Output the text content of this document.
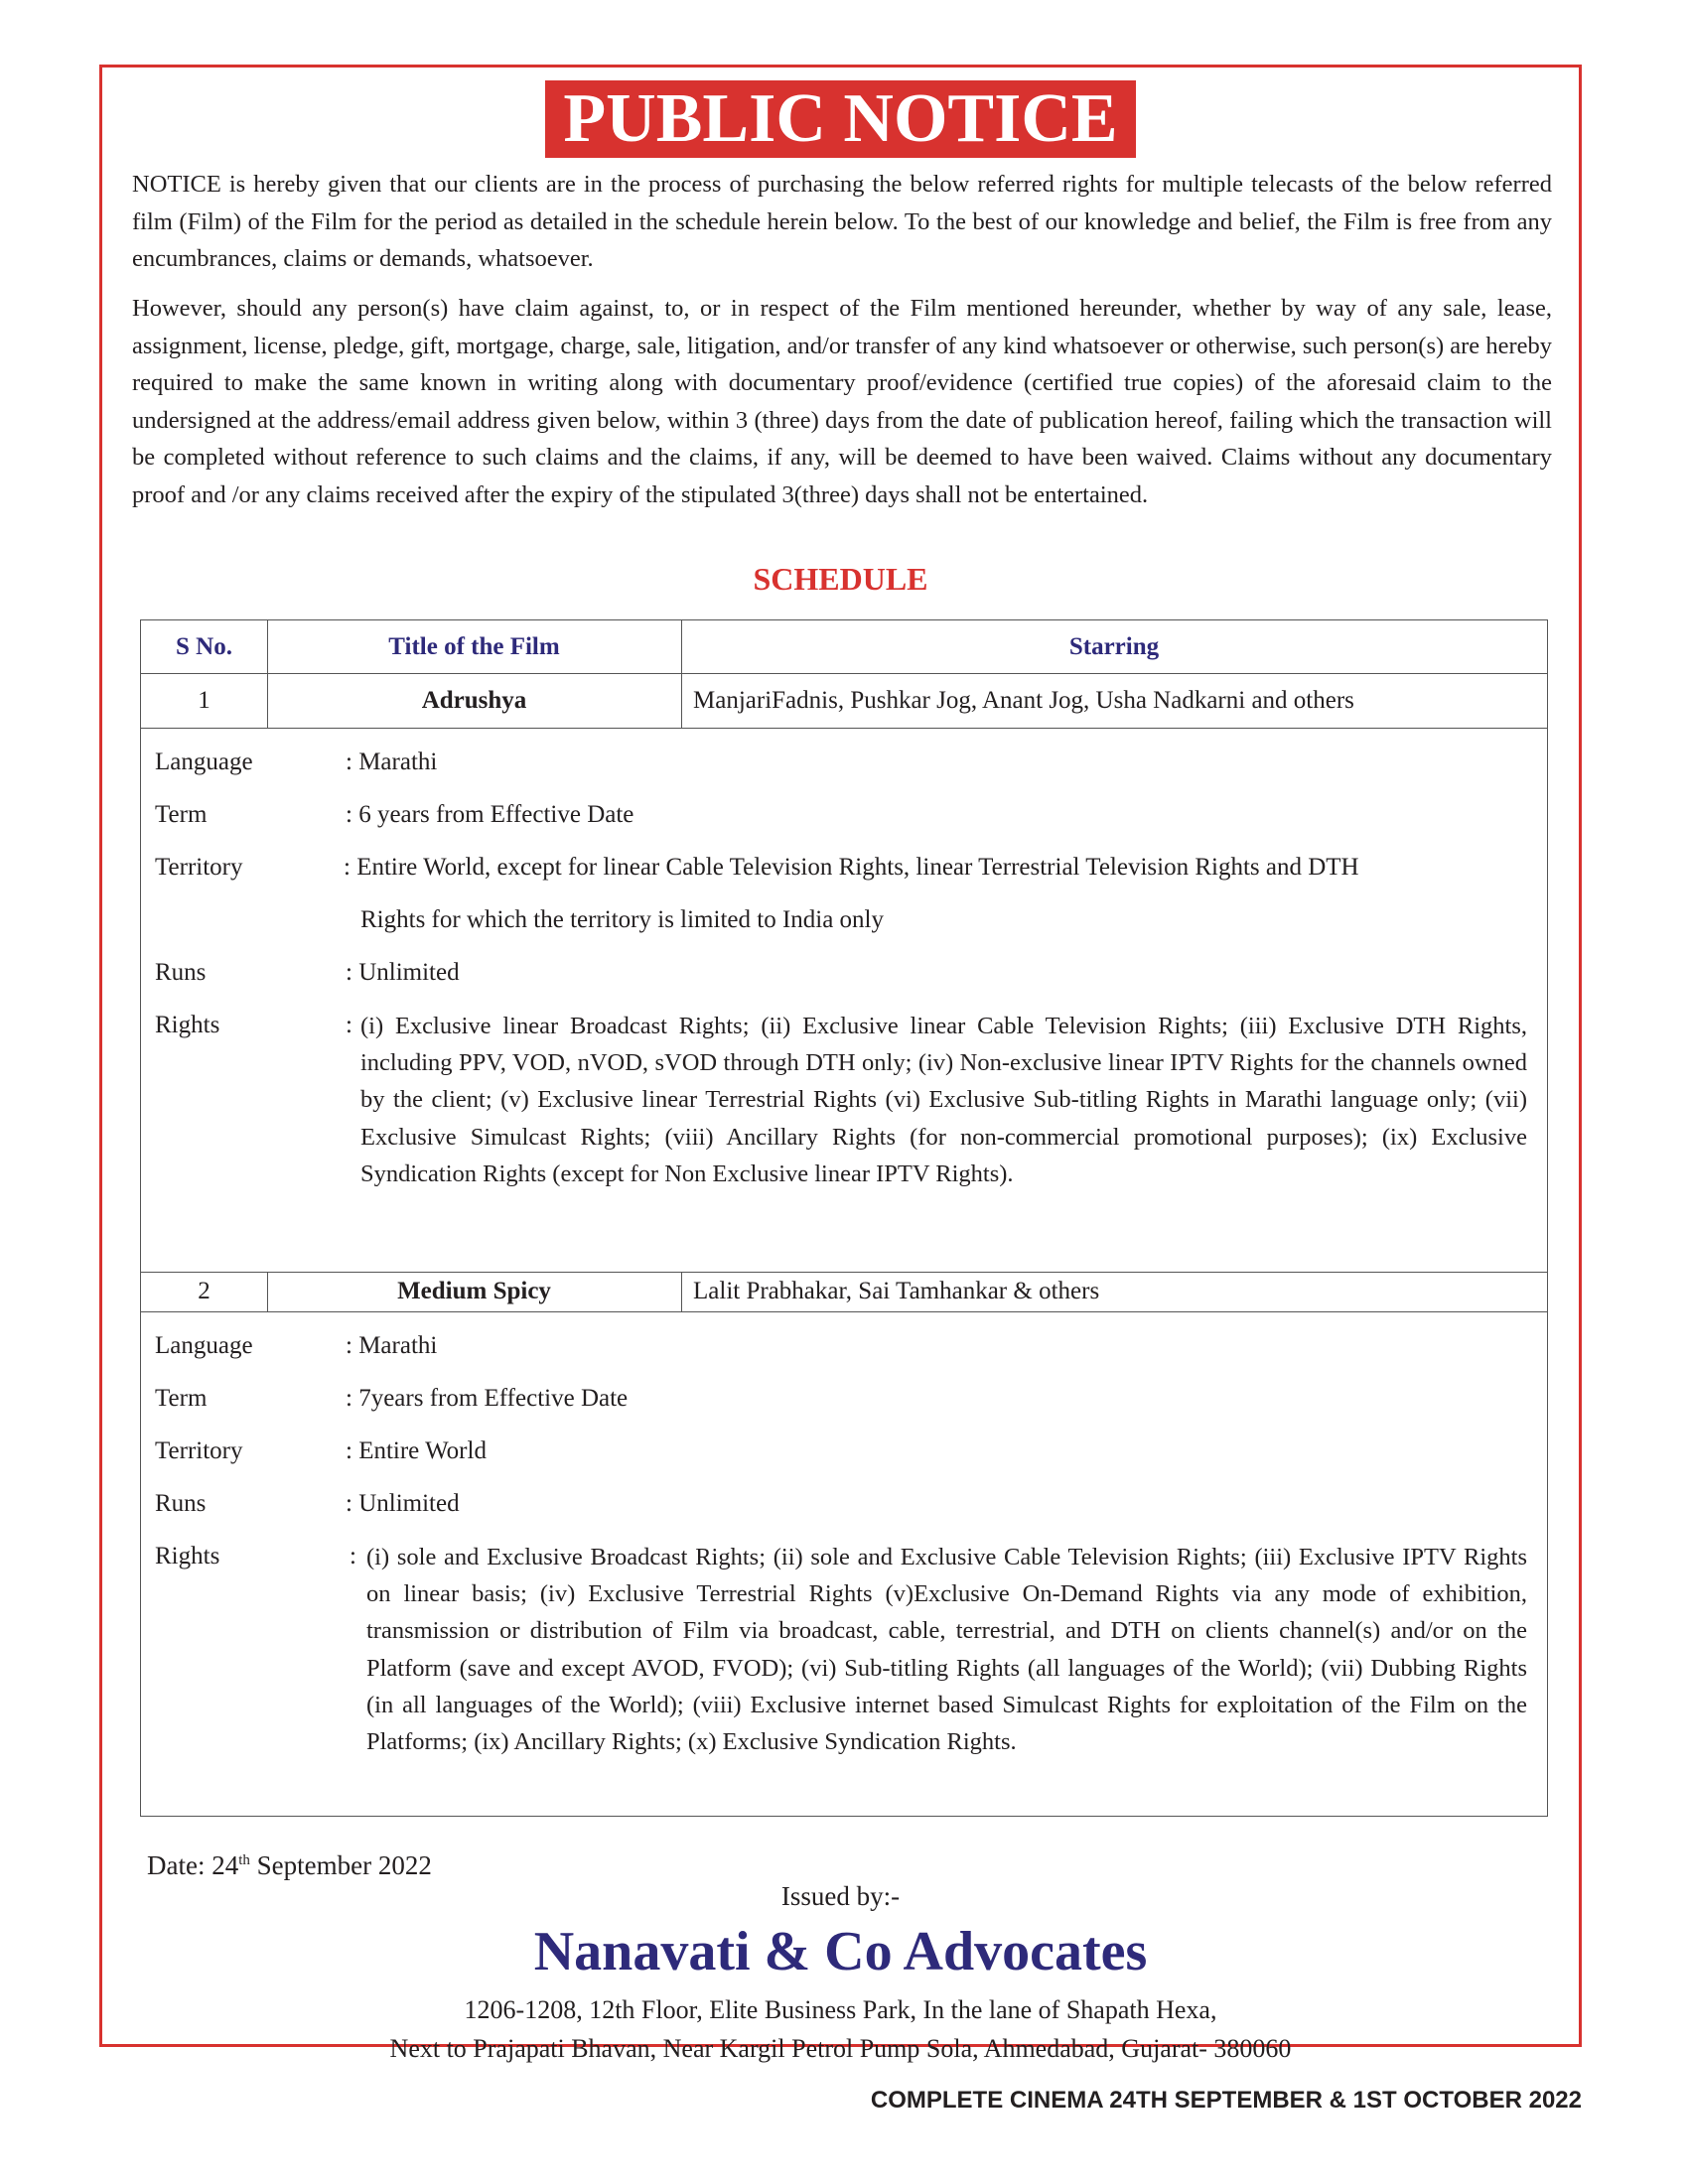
PUBLIC NOTICE

NOTICE is hereby given that our clients are in the process of purchasing the below referred rights for multiple telecasts of the below referred film (Film) of the Film for the period as detailed in the schedule herein below. To the best of our knowledge and belief, the Film is free from any encumbrances, claims or demands, whatsoever.

However, should any person(s) have claim against, to, or in respect of the Film mentioned hereunder, whether by way of any sale, lease, assignment, license, pledge, gift, mortgage, charge, sale, litigation, and/or transfer of any kind whatsoever or otherwise, such person(s) are hereby required to make the same known in writing along with documentary proof/evidence (certified true copies) of the aforesaid claim to the undersigned at the address/email address given below, within 3 (three) days from the date of publication hereof, failing which the transaction will be completed without reference to such claims and the claims, if any, will be deemed to have been waived. Claims without any documentary proof and /or any claims received after the expiry of the stipulated 3(three) days shall not be entertained.

SCHEDULE
S No.	Title of the Film	Starring
1	Adrushya	ManjariFadnis, Pushkar Jog, Anant Jog, Usha Nadkarni and others
Language	: Marathi
Term	: 6 years from Effective Date
Territory	: Entire World, except for linear Cable Television Rights, linear Terrestrial Television Rights and DTH
Rights for which the territory is limited to India only
Runs	: Unlimited
Rights	: (i) Exclusive linear Broadcast Rights; (ii) Exclusive linear Cable Television Rights; (iii) Exclusive DTH Rights, including PPV, VOD, nVOD, sVOD through DTH only; (iv) Non-exclusive linear IPTV Rights for the channels owned by the client; (v) Exclusive linear Terrestrial Rights (vi) Exclusive Sub-titling Rights in Marathi language only; (vii) Exclusive Simulcast Rights; (viii) Ancillary Rights (for non-commercial promotional purposes); (ix) Exclusive Syndication Rights (except for Non Exclusive linear IPTV Rights).
2	Medium Spicy	Lalit Prabhakar, Sai Tamhankar & others
Language	: Marathi
Term	: 7years from Effective Date
Territory	: Entire World
Runs	: Unlimited
Rights	: (i) sole and Exclusive Broadcast Rights; (ii) sole and Exclusive Cable Television Rights; (iii) Exclusive IPTV Rights on linear basis; (iv) Exclusive Terrestrial Rights (v)Exclusive On-Demand Rights via any mode of exhibition, transmission or distribution of Film via broadcast, cable, terrestrial, and DTH on clients channel(s) and/or on the Platform (save and except AVOD, FVOD); (vi) Sub-titling Rights (all languages of the World); (vii) Dubbing Rights (in all languages of the World); (viii) Exclusive internet based Simulcast Rights for exploitation of the Film on the Platforms; (ix) Ancillary Rights; (x) Exclusive Syndication Rights.
Date: 24th September 2022
Issued by:-
Nanavati & Co Advocates
1206-1208, 12th Floor, Elite Business Park, In the lane of Shapath Hexa,
Next to Prajapati Bhavan, Near Kargil Petrol Pump Sola, Ahmedabad, Gujarat- 380060
COMPLETE CINEMA 24TH SEPTEMBER & 1ST OCTOBER 2022
